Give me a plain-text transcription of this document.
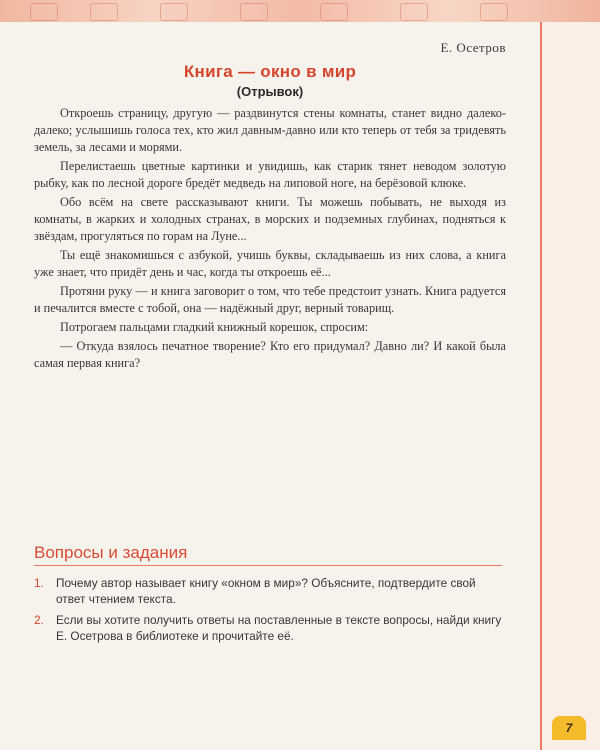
Е. Осетров

Книга — окно в мир

(Отрывок)

Откроешь страницу, другую — раздвинутся стены комнаты, станет видно далеко-далеко; услышишь голоса тех, кто жил давным-давно или кто теперь от тебя за тридевять земель, за лесами и морями.

Перелистаешь цветные картинки и увидишь, как старик тянет неводом золотую рыбку, как по лесной дороге бредёт медведь на липовой ноге, на берёзовой клюке.

Обо всём на свете рассказывают книги. Ты можешь побывать, не выходя из комнаты, в жарких и холодных странах, в морских и подземных глубинах, подняться к звёздам, прогуляться по горам на Луне...

Ты ещё знакомишься с азбукой, учишь буквы, складываешь из них слова, а книга уже знает, что придёт день и час, когда ты откроешь её...

Протяни руку — и книга заговорит о том, что тебе предстоит узнать. Книга радуется и печалится вместе с тобой, она — надёжный друг, верный товарищ.

Потрогаем пальцами гладкий книжный корешок, спросим:

— Откуда взялось печатное творение? Кто его придумал? Давно ли? И какой была самая первая книга?

Вопросы и задания
1.	Почему автор называет книгу «окном в мир»? Объясните, подтвердите свой ответ чтением текста.
2.	Если вы хотите получить ответы на поставленные в тексте вопросы, найди книгу Е. Осетрова в библиотеке и прочитайте её.
7
